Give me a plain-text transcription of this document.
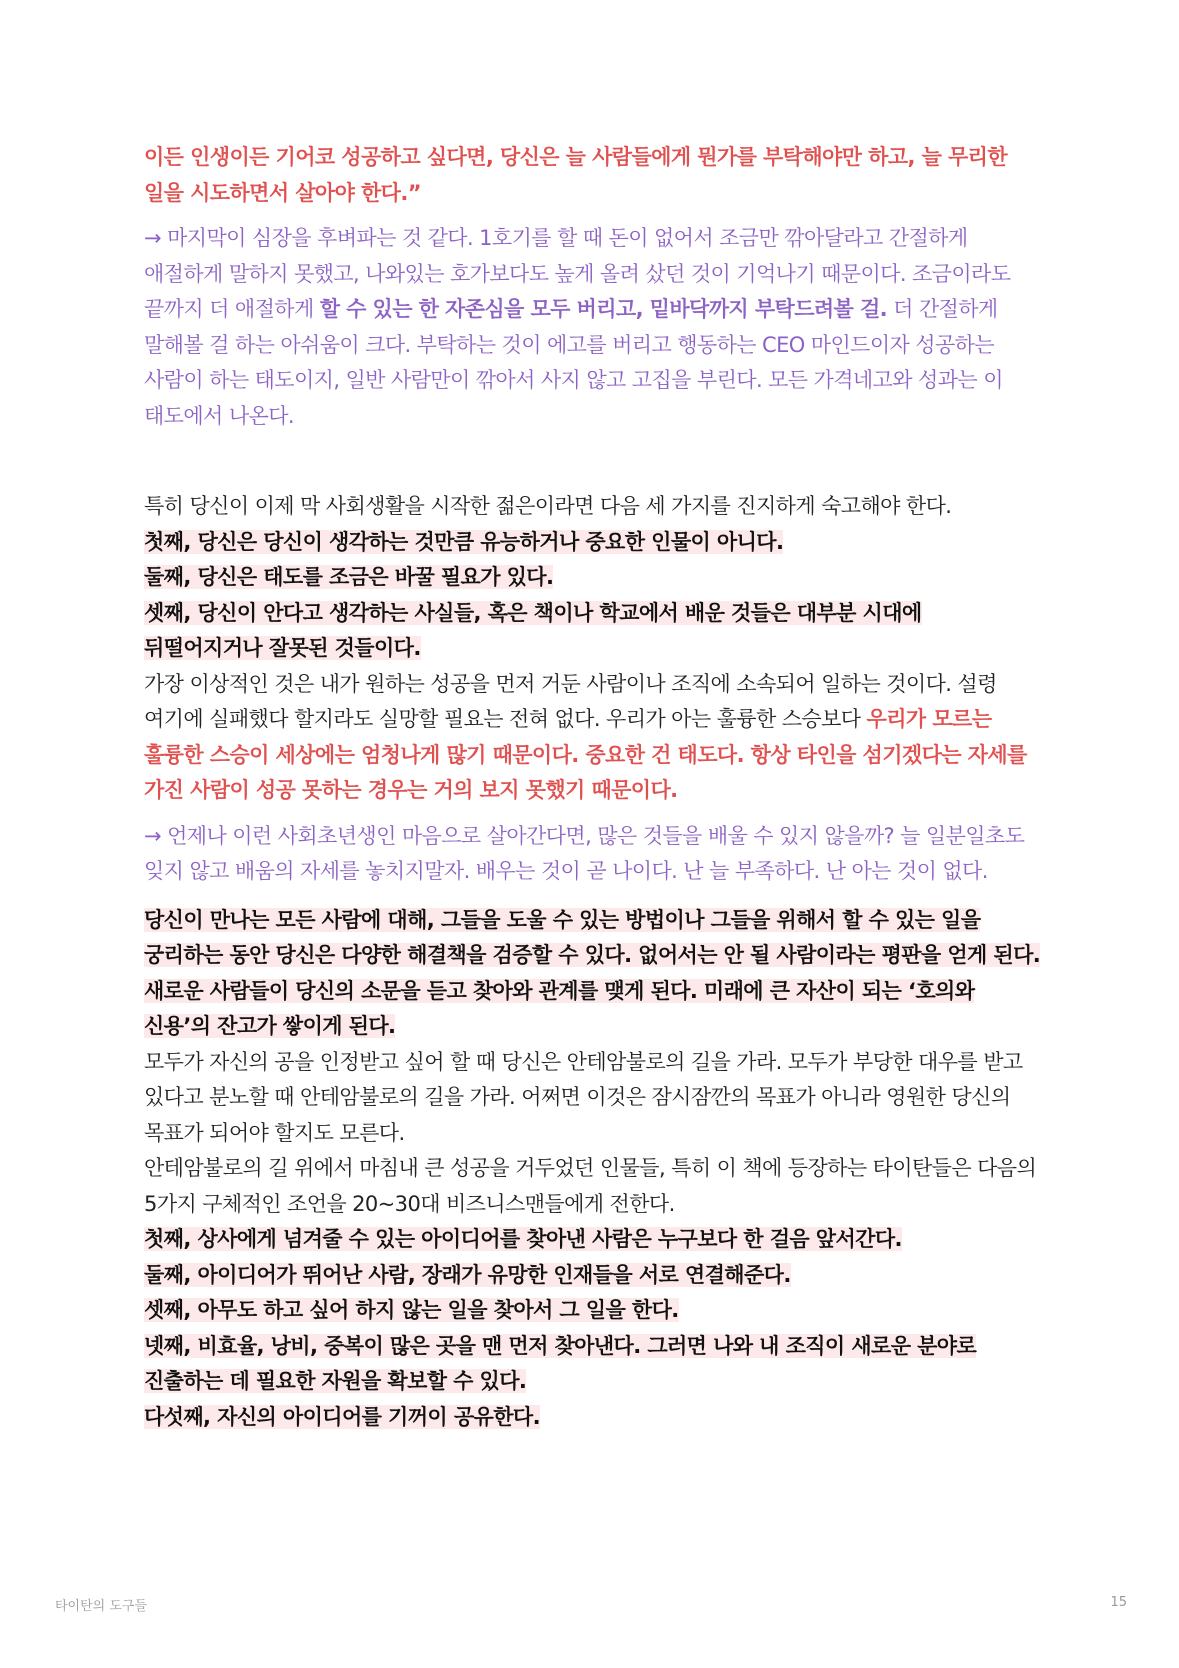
이든 인생이든 기어코 성공하고 싶다면, 당신은 늘 사람들에게 뭔가를 부탁해야만 하고, 늘 무리한 일을 시도하면서 살아야 한다.”

→ 마지막이 심장을 후벼파는 것 같다. 1호기를 할 때 돈이 없어서 조금만 깎아달라고 간절하게 애절하게 말하지 못했고, 나와있는 호가보다도 높게 올려 샀던 것이 기억나기 때문이다. 조금이라도 끝까지 더 애절하게 할 수 있는 한 자존심을 모두 버리고, 밑바닥까지 부탁드려볼 걸. 더 간절하게 말해볼 걸 하는 아쉬움이 크다. 부탁하는 것이 에고를 버리고 행동하는 CEO 마인드이자 성공하는 사람이 하는 태도이지, 일반 사람만이 깎아서 사지 않고 고집을 부린다. 모든 가격네고와 성과는 이 태도에서 나온다.

특히 당신이 이제 막 사회생활을 시작한 젊은이라면 다음 세 가지를 진지하게 숙고해야 한다.

첫째, 당신은 당신이 생각하는 것만큼 유능하거나 중요한 인물이 아니다.

둘째, 당신은 태도를 조금은 바꿀 필요가 있다.

셋째, 당신이 안다고 생각하는 사실들, 혹은 책이나 학교에서 배운 것들은 대부분 시대에 뒤떨어지거나 잘못된 것들이다.

가장 이상적인 것은 내가 원하는 성공을 먼저 거둔 사람이나 조직에 소속되어 일하는 것이다. 설령 여기에 실패했다 할지라도 실망할 필요는 전혀 없다. 우리가 아는 훌륭한 스승보다 우리가 모르는 훌륭한 스승이 세상에는 엄청나게 많기 때문이다. 중요한 건 태도다. 항상 타인을 섬기겠다는 자세를 가진 사람이 성공 못하는 경우는 거의 보지 못했기 때문이다.

→ 언제나 이런 사회초년생인 마음으로 살아간다면, 많은 것들을 배울 수 있지 않을까? 늘 일분일초도 잊지 않고 배움의 자세를 놓치지말자. 배우는 것이 곧 나이다. 난 늘 부족하다. 난 아는 것이 없다.

당신이 만나는 모든 사람에 대해, 그들을 도울 수 있는 방법이나 그들을 위해서 할 수 있는 일을 궁리하는 동안 당신은 다양한 해결책을 검증할 수 있다. 없어서는 안 될 사람이라는 평판을 얻게 된다. 새로운 사람들이 당신의 소문을 듣고 찾아와 관계를 맺게 된다. 미래에 큰 자산이 되는 ‘호의와 신용’의 잔고가 쌓이게 된다.

모두가 자신의 공을 인정받고 싶어 할 때 당신은 안테암불로의 길을 가라. 모두가 부당한 대우를 받고 있다고 분노할 때 안테암불로의 길을 가라. 어쩌면 이것은 잠시잠깐의 목표가 아니라 영원한 당신의 목표가 되어야 할지도 모른다.

안테암불로의 길 위에서 마침내 큰 성공을 거두었던 인물들, 특히 이 책에 등장하는 타이탄들은 다음의 5가지 구체적인 조언을 20~30대 비즈니스맨들에게 전한다.

첫째, 상사에게 넘겨줄 수 있는 아이디어를 찾아낸 사람은 누구보다 한 걸음 앞서간다.

둘째, 아이디어가 뛰어난 사람, 장래가 유망한 인재들을 서로 연결해준다.

셋째, 아무도 하고 싶어 하지 않는 일을 찾아서 그 일을 한다.

넷째, 비효율, 낭비, 중복이 많은 곳을 맨 먼저 찾아낸다. 그러면 나와 내 조직이 새로운 분야로 진출하는 데 필요한 자원을 확보할 수 있다.

다섯째, 자신의 아이디어를 기꺼이 공유한다.

타이탄의 도구들	15
